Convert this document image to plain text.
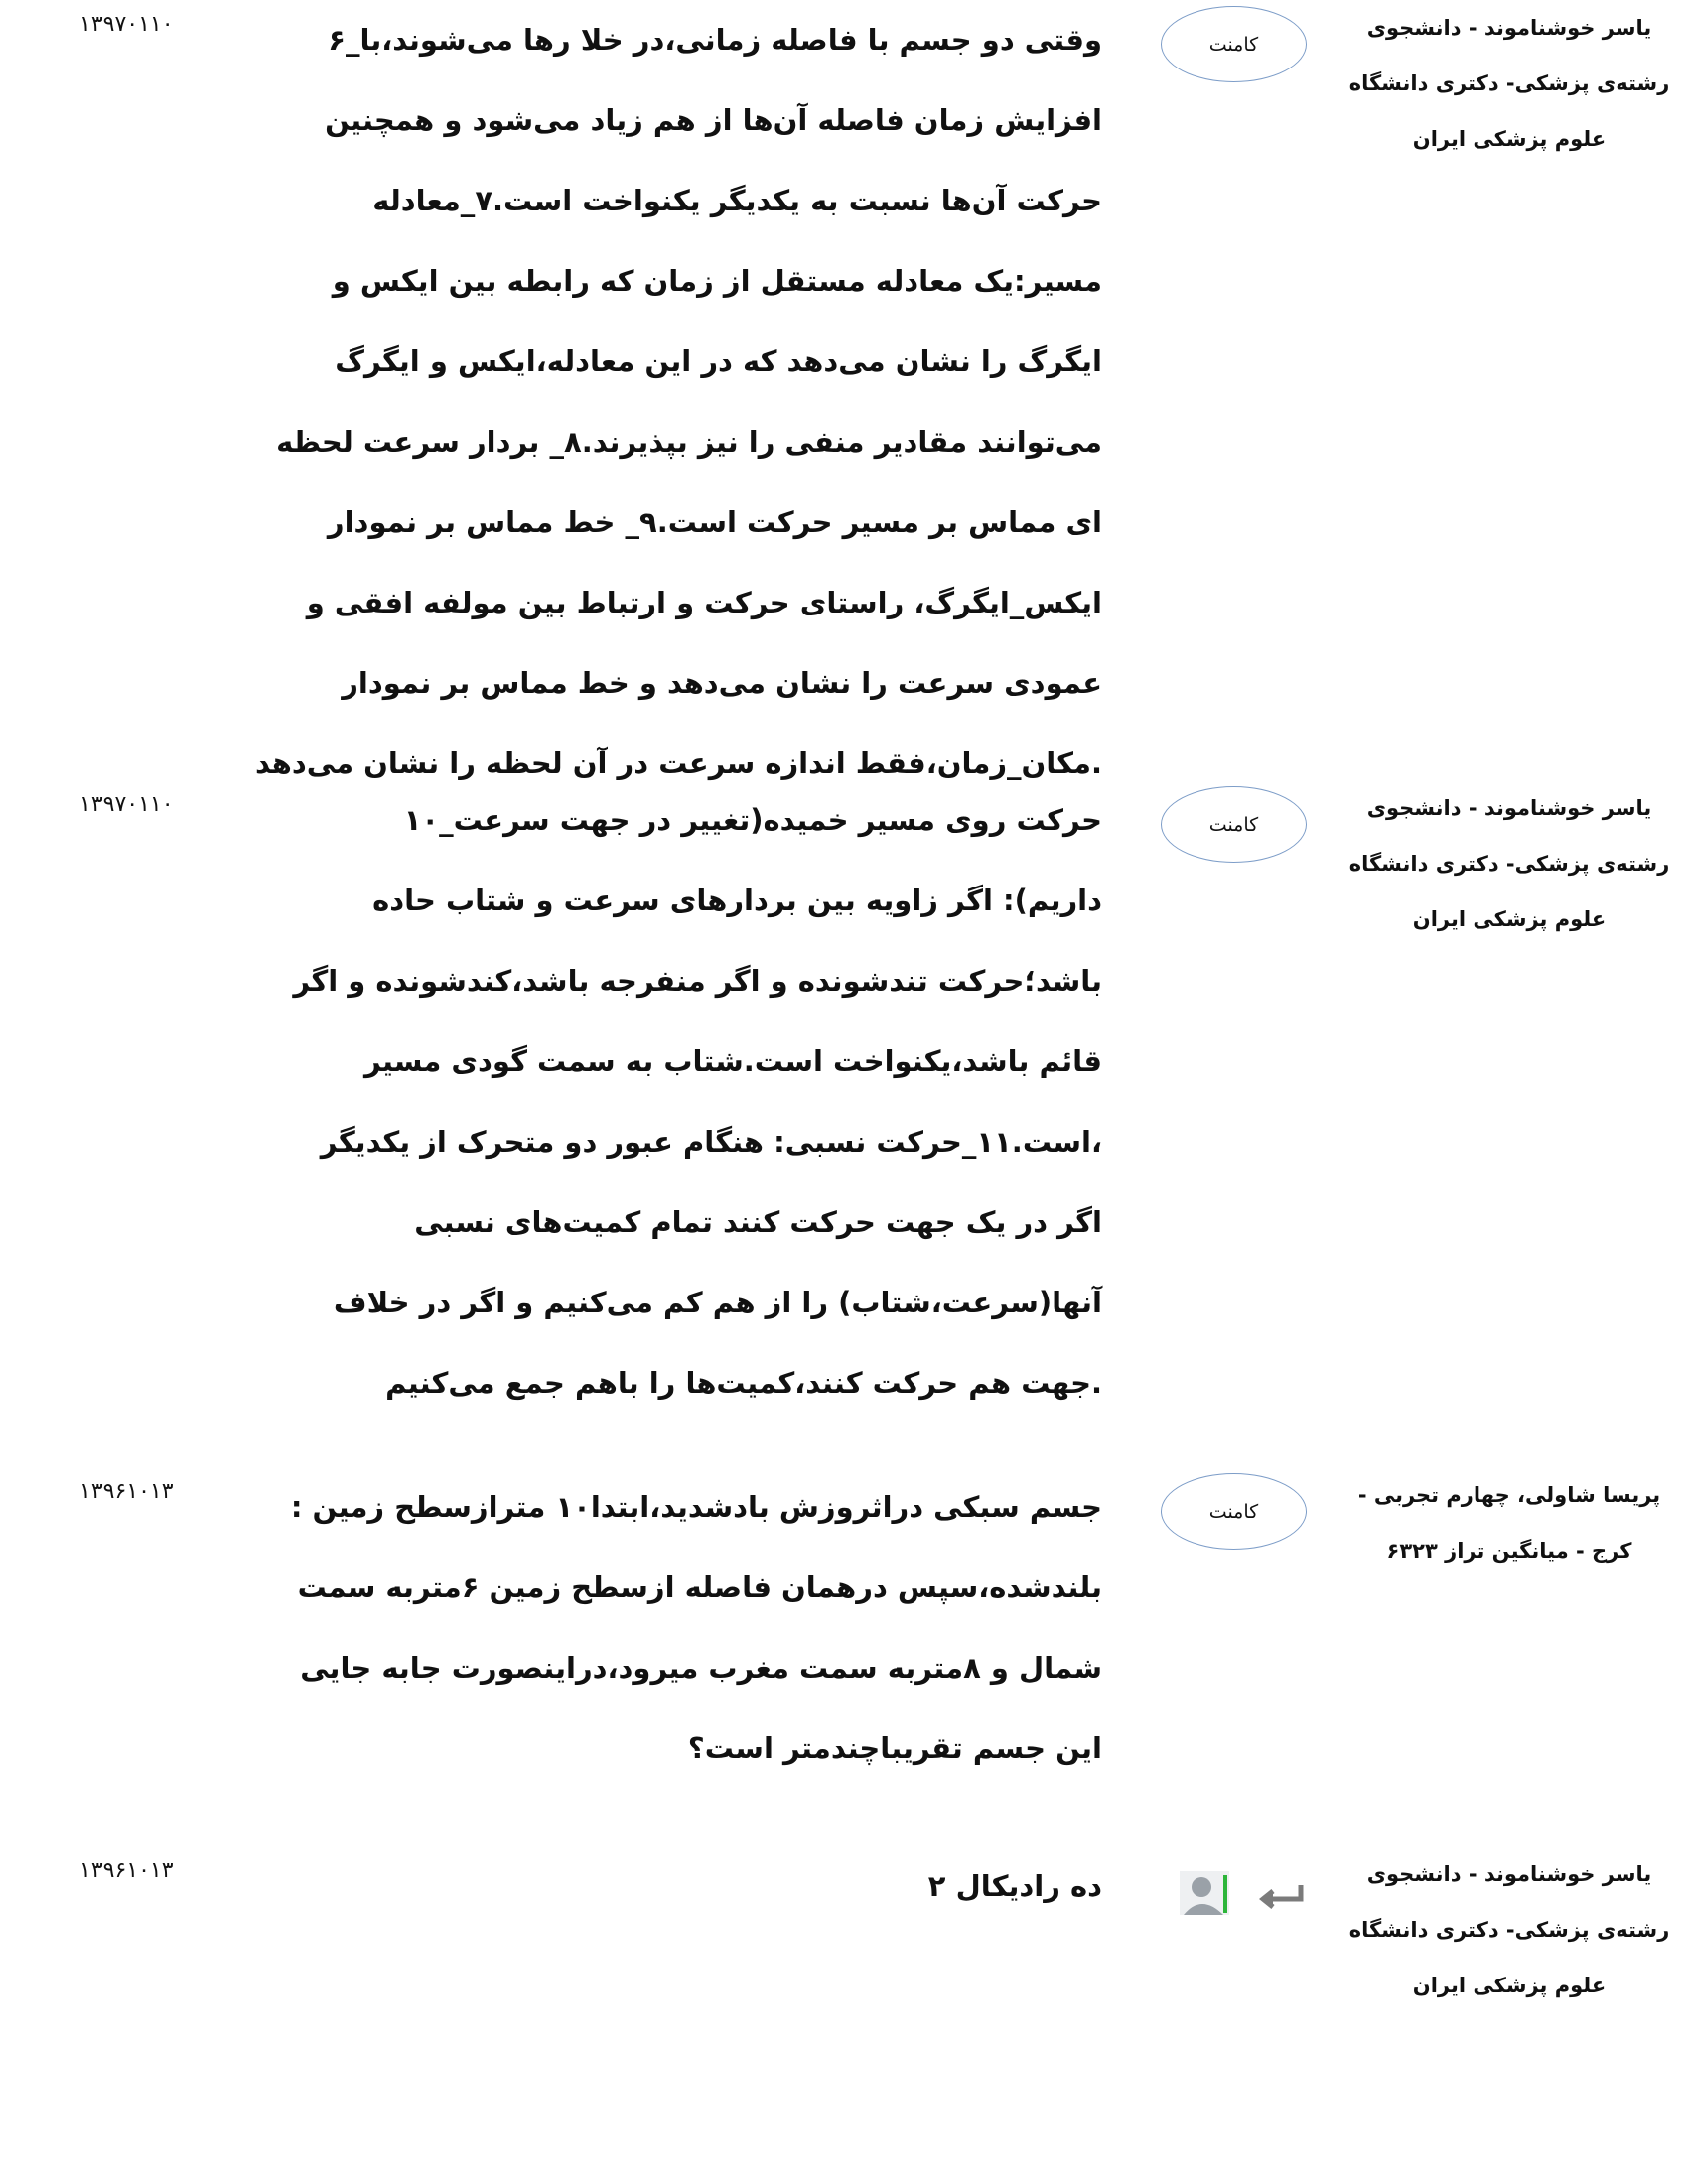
۱۳۹۷۰۱۱۰	وقتی دو جسم با فاصله زمانی،در خلا رها می‌شوند،با_۶
افزایش زمان فاصله آن‌ها از هم زیاد می‌شود و همچنین
حرکت آن‌ها نسبت به یکدیگر یکنواخت است.۷_معادله
مسیر:یک معادله مستقل از زمان که رابطه بین ایکس و
ایگرگ را نشان می‌دهد که در این معادله،ایکس و ایگرگ
می‌توانند مقادیر منفی را نیز بپذیرند.۸_ بردار سرعت لحظه
ای مماس بر مسیر حرکت است.۹_ خط مماس بر نمودار
ایکس_ایگرگ، راستای حرکت و ارتباط بین مولفه افقی و
عمودی سرعت را نشان می‌دهد و خط مماس بر نمودار
.مکان_زمان،فقط اندازه سرعت در آن لحظه را نشان می‌دهد
کامنت
یاسر خوشناموند - دانشجوی
رشته‌ی پزشکی- دکتری دانشگاه
علوم پزشکی ایران
۱۳۹۷۰۱۱۰	حرکت روی مسیر خمیده(تغییر در جهت سرعت_۱۰
داریم): اگر زاویه بین بردارهای سرعت و شتاب حاده
باشد؛حرکت تندشونده و اگر منفرجه باشد،کندشونده و اگر
قائم باشد،یکنواخت است.شتاب به سمت گودی مسیر
،است.۱۱_حرکت نسبی: هنگام عبور دو متحرک از یکدیگر
اگر در یک جهت حرکت کنند تمام کمیت‌های نسبی
آنها(سرعت،شتاب) را از هم کم می‌کنیم و اگر در خلاف
.جهت هم حرکت کنند،کمیت‌ها را باهم جمع می‌کنیم
کامنت
یاسر خوشناموند - دانشجوی
رشته‌ی پزشکی- دکتری دانشگاه
علوم پزشکی ایران
۱۳۹۶۱۰۱۳	جسم سبکی دراثروزش بادشدید،ابتدا۱۰ مترازسطح زمین :
بلندشده،سپس درهمان فاصله ازسطح زمین ۶متربه سمت
شمال و ۸متربه سمت مغرب میرود،دراینصورت جابه جایی
این جسم تقریباچندمتر است؟
کامنت
پریسا شاولی، چهارم تجربی -
کرج - میانگین تراز ۶۳۲۳
۱۳۹۶۱۰۱۳	ده رادیکال ۲	یاسر خوشناموند - دانشجوی
رشته‌ی پزشکی- دکتری دانشگاه
علوم پزشکی ایران
